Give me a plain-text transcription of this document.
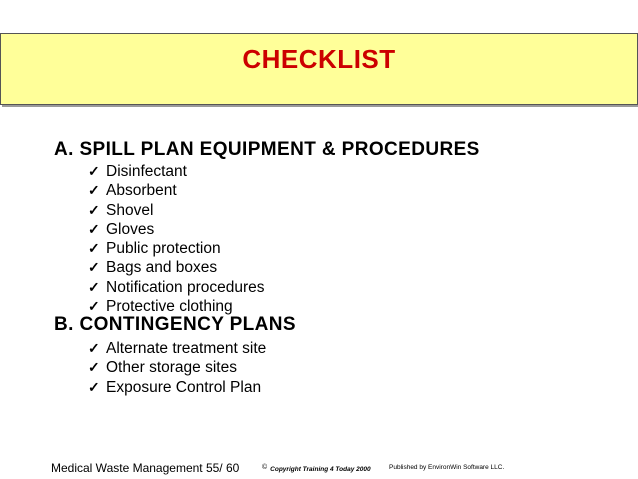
CHECKLIST
A. SPILL PLAN EQUIPMENT & PROCEDURES
✓ Disinfectant
✓ Absorbent
✓ Shovel
✓ Gloves
✓ Public protection
✓ Bags and boxes
✓ Notification procedures
✓ Protective clothing
B. CONTINGENCY PLANS
✓ Alternate treatment site
✓ Other storage sites
✓ Exposure Control Plan
Medical Waste Management 55/ 60	© Copyright Training 4 Today 2000	Published by EnvironWin Software LLC.
